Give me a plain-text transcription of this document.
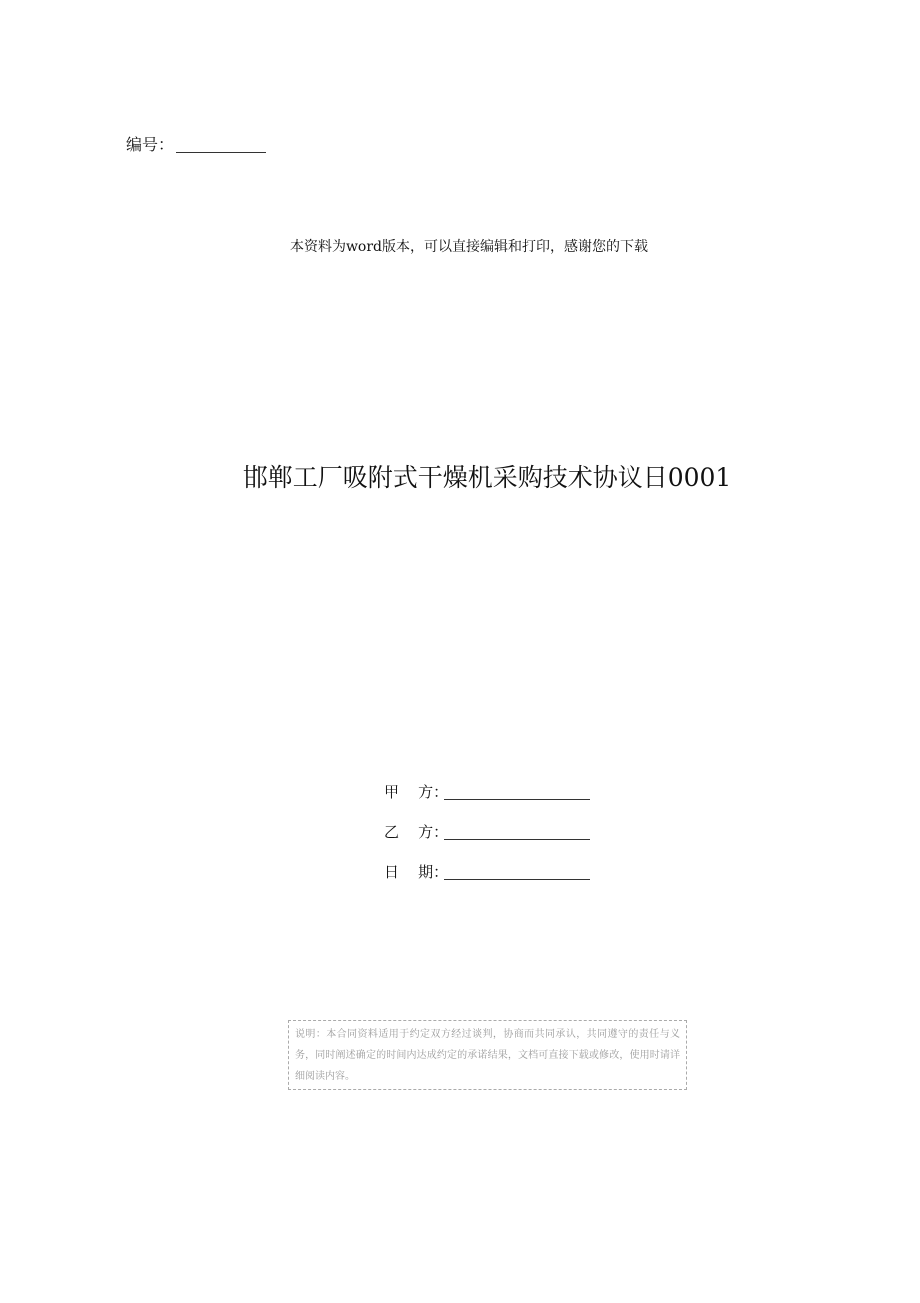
编号：
本资料为word版本，可以直接编辑和打印，感谢您的下载
邯郸工厂吸附式干燥机采购技术协议日0001
甲    方：
乙    方：
日    期：
说明：本合同资料适用于约定双方经过谈判，协商而共同承认，共同遵守的责任与义务，同时阐述确定的时间内达成约定的承诺结果，文档可直接下载或修改，使用时请详细阅读内容。
